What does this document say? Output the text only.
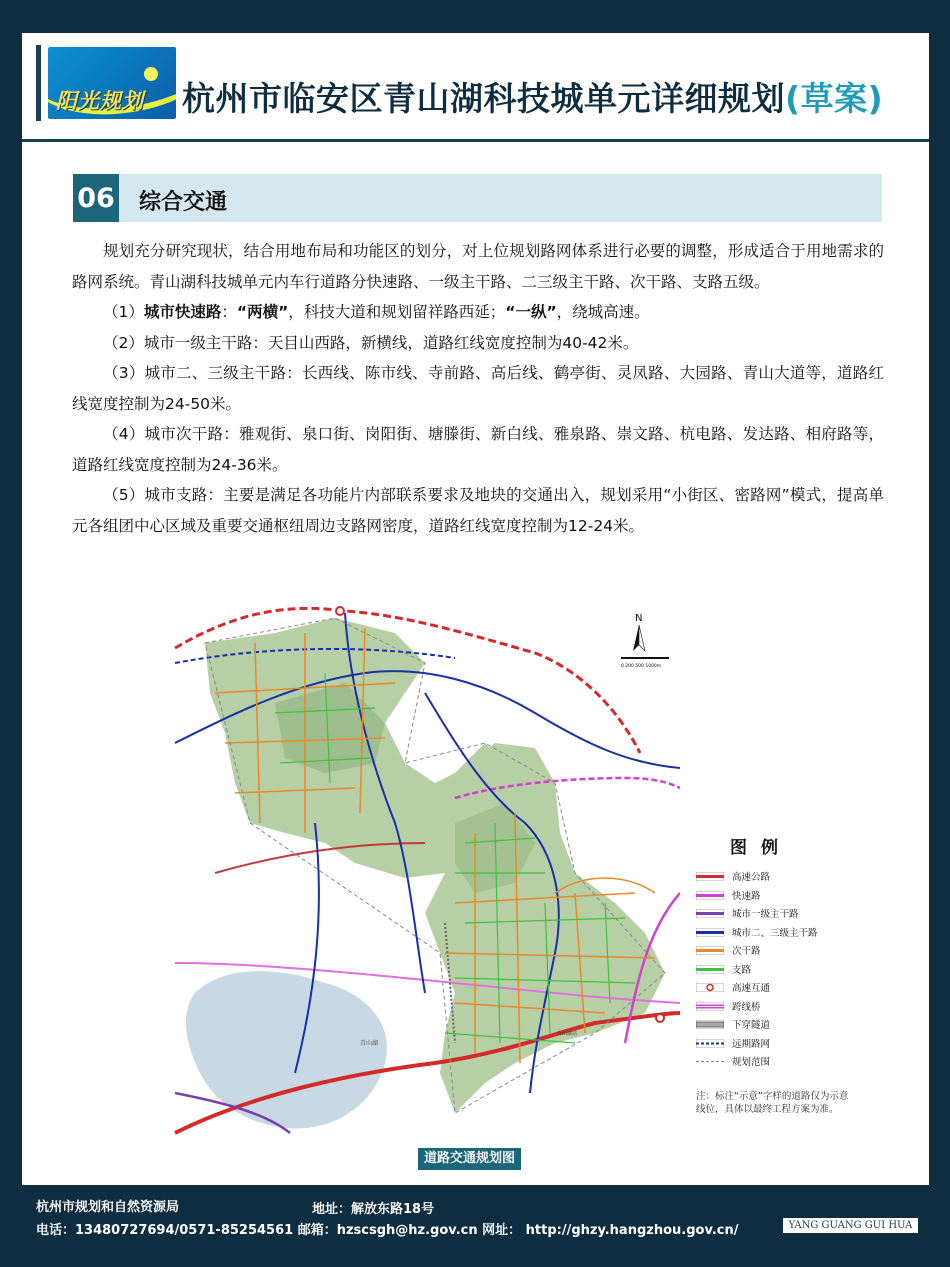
阳光规划 杭州市临安区青山湖科技城单元详细规划(草案)
06 综合交通

规划充分研究现状，结合用地布局和功能区的划分，对上位规划路网体系进行必要的调整，形成适合于用地需求的路网系统。青山湖科技城单元内车行道路分快速路、一级主干路、二三级主干路、次干路、支路五级。

（1）城市快速路：“两横”，科技大道和规划留祥路西延；“一纵”，绕城高速。

（2）城市一级主干路：天目山西路，新横线，道路红线宽度控制为40-42米。

（3）城市二、三级主干路：长西线、陈市线、寺前路、高后线、鹤亭街、灵凤路、大园路、青山大道等，道路红线宽度控制为24-50米。

（4）城市次干路：雅观街、泉口街、岗阳街、塘滕街、新白线、雅泉路、崇文路、杭电路、发达路、相府路等，道路红线宽度控制为24-36米。

（5）城市支路：主要是满足各功能片内部联系要求及地块的交通出入，规划采用“小街区、密路网”模式，提高单元各组团中心区域及重要交通枢纽周边支路网密度，道路红线宽度控制为12-24米。

青山湖
青山湖站
N
0 200 500 1000m
图 例
高速公路
快速路
城市一级主干路
城市二、三级主干路
次干路
支路
高速互通
跨线桥
下穿隧道
远期路网
规划范围
注：标注“示意”字样的道路仅为示意线位，具体以最终工程方案为准。
道路交通规划图
杭州市规划和自然资源局	地址：解放东路18号
电话：13480727694/0571-85254561 邮箱：hzscsgh@hz.gov.cn 网址： http://ghzy.hangzhou.gov.cn/	YANG GUANG GUI HUA
